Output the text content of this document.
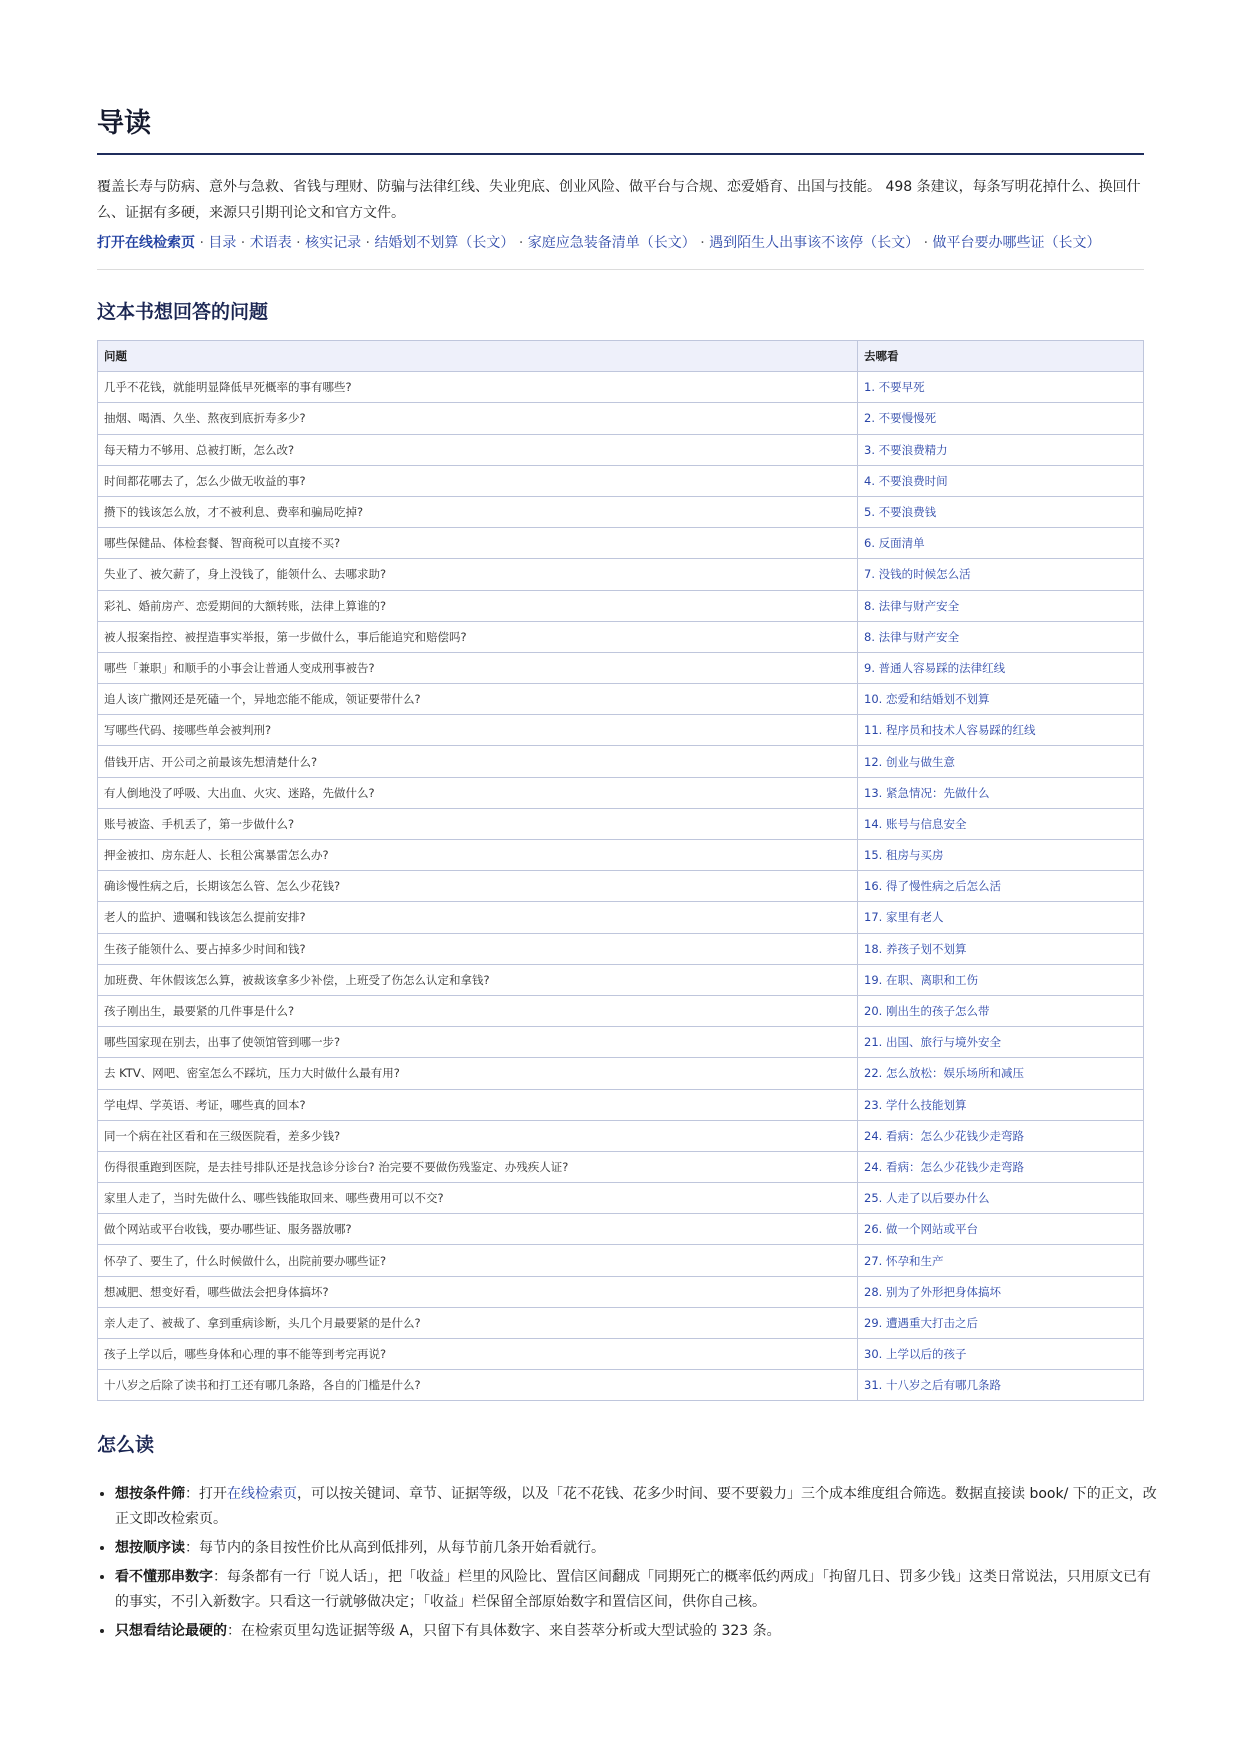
导读
覆盖长寿与防病、意外与急救、省钱与理财、防骗与法律红线、失业兜底、创业风险、做平台与合规、恋爱婚育、出国与技能。 498 条建议，每条写明花掉什么、换回什么、证据有多硬，来源只引期刊论文和官方文件。
打开在线检索页 · 目录 · 术语表 · 核实记录 · 结婚划不划算（长文） · 家庭应急装备清单（长文） · 遇到陌生人出事该不该停（长文） · 做平台要办哪些证（长文）
这本书想回答的问题
问题	去哪看
几乎不花钱，就能明显降低早死概率的事有哪些?	1. 不要早死
抽烟、喝酒、久坐、熬夜到底折寿多少?	2. 不要慢慢死
每天精力不够用、总被打断，怎么改?	3. 不要浪费精力
时间都花哪去了，怎么少做无收益的事?	4. 不要浪费时间
攒下的钱该怎么放，才不被利息、费率和骗局吃掉?	5. 不要浪费钱
哪些保健品、体检套餐、智商税可以直接不买?	6. 反面清单
失业了、被欠薪了，身上没钱了，能领什么、去哪求助?	7. 没钱的时候怎么活
彩礼、婚前房产、恋爱期间的大额转账，法律上算谁的?	8. 法律与财产安全
被人报案指控、被捏造事实举报，第一步做什么，事后能追究和赔偿吗?	8. 法律与财产安全
哪些「兼职」和顺手的小事会让普通人变成刑事被告?	9. 普通人容易踩的法律红线
追人该广撒网还是死磕一个，异地恋能不能成，领证要带什么?	10. 恋爱和结婚划不划算
写哪些代码、接哪些单会被判刑?	11. 程序员和技术人容易踩的红线
借钱开店、开公司之前最该先想清楚什么?	12. 创业与做生意
有人倒地没了呼吸、大出血、火灾、迷路，先做什么?	13. 紧急情况：先做什么
账号被盗、手机丢了，第一步做什么?	14. 账号与信息安全
押金被扣、房东赶人、长租公寓暴雷怎么办?	15. 租房与买房
确诊慢性病之后，长期该怎么管、怎么少花钱?	16. 得了慢性病之后怎么活
老人的监护、遗嘱和钱该怎么提前安排?	17. 家里有老人
生孩子能领什么、要占掉多少时间和钱?	18. 养孩子划不划算
加班费、年休假该怎么算，被裁该拿多少补偿，上班受了伤怎么认定和拿钱?	19. 在职、离职和工伤
孩子刚出生，最要紧的几件事是什么?	20. 刚出生的孩子怎么带
哪些国家现在别去，出事了使领馆管到哪一步?	21. 出国、旅行与境外安全
去 KTV、网吧、密室怎么不踩坑，压力大时做什么最有用?	22. 怎么放松：娱乐场所和减压
学电焊、学英语、考证，哪些真的回本?	23. 学什么技能划算
同一个病在社区看和在三级医院看，差多少钱?	24. 看病：怎么少花钱少走弯路
伤得很重跑到医院，是去挂号排队还是找急诊分诊台? 治完要不要做伤残鉴定、办残疾人证?	24. 看病：怎么少花钱少走弯路
家里人走了，当时先做什么、哪些钱能取回来、哪些费用可以不交?	25. 人走了以后要办什么
做个网站或平台收钱，要办哪些证、服务器放哪?	26. 做一个网站或平台
怀孕了、要生了，什么时候做什么，出院前要办哪些证?	27. 怀孕和生产
想减肥、想变好看，哪些做法会把身体搞坏?	28. 别为了外形把身体搞坏
亲人走了、被裁了、拿到重病诊断，头几个月最要紧的是什么?	29. 遭遇重大打击之后
孩子上学以后，哪些身体和心理的事不能等到考完再说?	30. 上学以后的孩子
十八岁之后除了读书和打工还有哪几条路，各自的门槛是什么?	31. 十八岁之后有哪几条路
怎么读
• 想按条件筛：打开在线检索页，可以按关键词、章节、证据等级，以及「花不花钱、花多少时间、要不要毅力」三个成本维度组合筛选。数据直接读 book/ 下的正文，改正文即改检索页。
• 想按顺序读：每节内的条目按性价比从高到低排列，从每节前几条开始看就行。
• 看不懂那串数字：每条都有一行「说人话」，把「收益」栏里的风险比、置信区间翻成「同期死亡的概率低约两成」「拘留几日、罚多少钱」这类日常说法，只用原文已有的事实，不引入新数字。只看这一行就够做决定；「收益」栏保留全部原始数字和置信区间，供你自己核。
• 只想看结论最硬的：在检索页里勾选证据等级 A，只留下有具体数字、来自荟萃分析或大型试验的 323 条。
